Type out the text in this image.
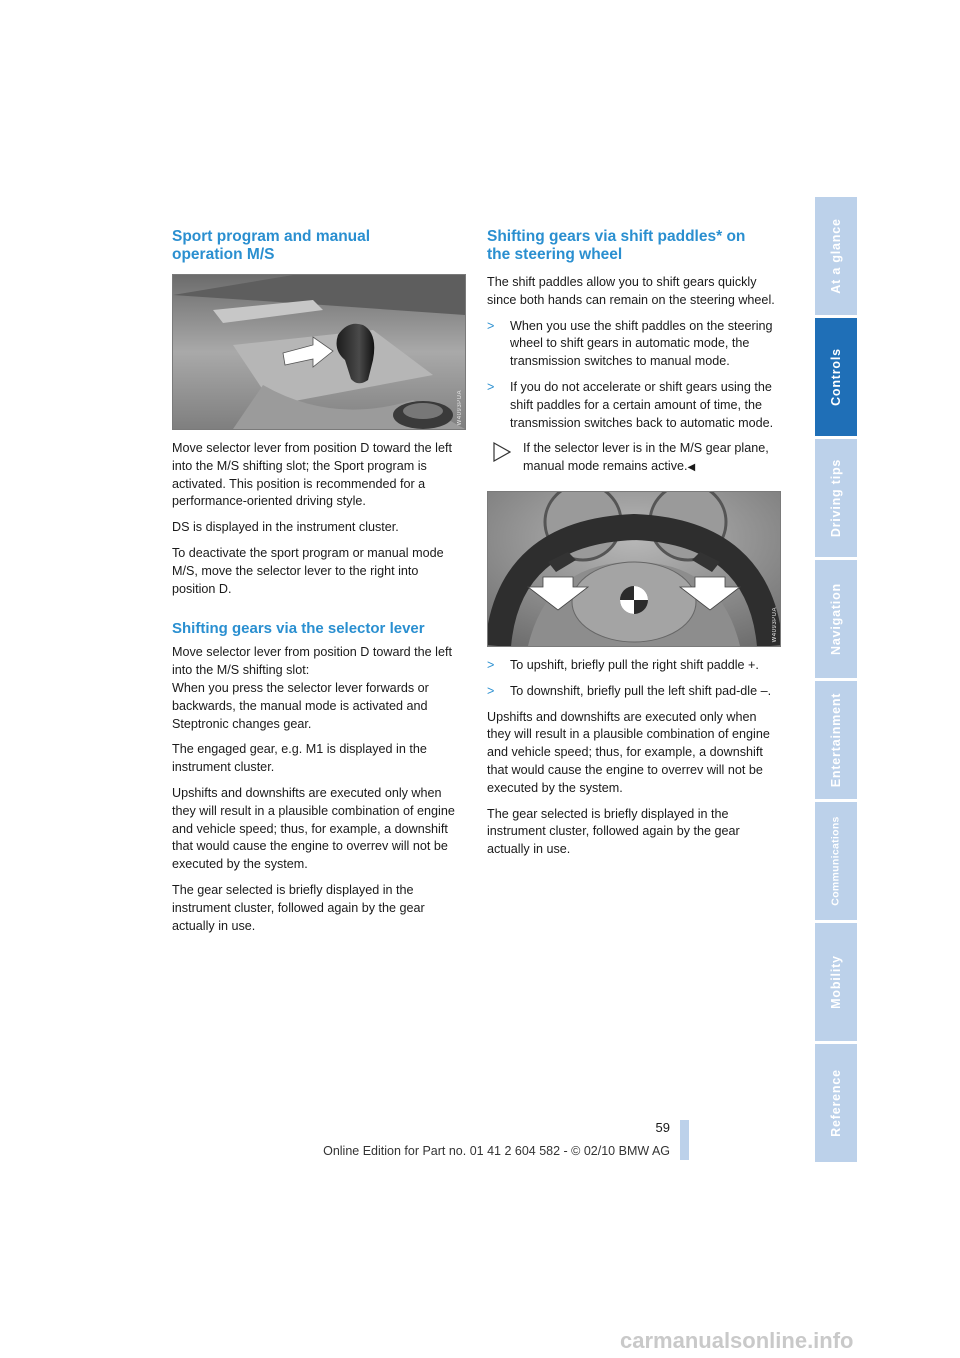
Sport program and manual
operation M/S
W4093PUA

Move selector lever from position D toward the left into the M/S shifting slot; the Sport program is activated. This position is recommended for a performance-oriented driving style.

DS is displayed in the instrument cluster.

To deactivate the sport program or manual mode M/S, move the selector lever to the right into position D.

Shifting gears via the selector lever

Move selector lever from position D toward the left into the M/S shifting slot:

When you press the selector lever forwards or backwards, the manual mode is activated and Steptronic changes gear.

The engaged gear, e.g. M1 is displayed in the instrument cluster.

Upshifts and downshifts are executed only when they will result in a plausible combination of engine and vehicle speed; thus, for example, a downshift that would cause the engine to overrev will not be executed by the system.

The gear selected is briefly displayed in the instrument cluster, followed again by the gear actually in use.

Shifting gears via shift paddles* on
the steering wheel

The shift paddles allow you to shift gears quickly since both hands can remain on the steering wheel.

> When you use the shift paddles on the steering wheel to shift gears in automatic mode, the transmission switches to manual mode.
> If you do not accelerate or shift gears using the shift paddles for a certain amount of time, the transmission switches back to automatic mode.
If the selector lever is in the M/S gear plane, manual mode remains active.◀
W4093PUA
> To upshift, briefly pull the right shift paddle +.
> To downshift, briefly pull the left shift pad-dle –.

Upshifts and downshifts are executed only when they will result in a plausible combination of engine and vehicle speed; thus, for example, a downshift that would cause the engine to overrev will not be executed by the system.

The gear selected is briefly displayed in the instrument cluster, followed again by the gear actually in use.

At a glance
Controls
Driving tips
Navigation
Entertainment
Communications
Mobility
Reference
59
Online Edition for Part no. 01 41 2 604 582 - © 02/10 BMW AG
carmanualsonline.info
